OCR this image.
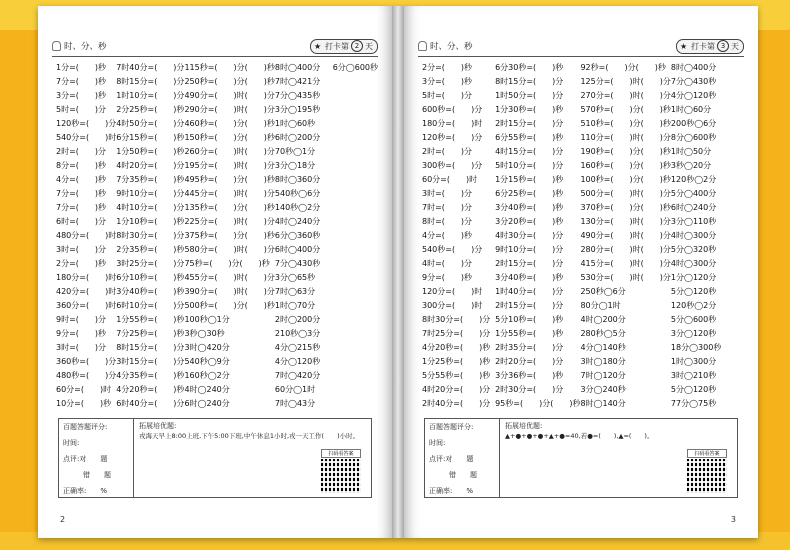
时、分、秒	★ 打卡第 2 天
1分=(　　)秒
7分=(　　)秒
3分=(　　)秒
5时=(　　)分
120秒=(　　)分
540分=(　　)时
2时=(　　)分
8分=(　　)秒
4分=(　　)秒
7分=(　　)秒
7分=(　　)秒
6时=(　　)分
480分=(　　)时
3时=(　　)分
2分=(　　)秒
180分=(　　)时
420分=(　　)时
360分=(　　)时
9时=(　　)分
9分=(　　)秒
3时=(　　)分
360秒=(　　)分
480秒=(　　)分
60分=(　　)时
10分=(　　)秒
7时40分=(　　)分
8时15分=(　　)分
1时10分=(　　)分
2分25秒=(　　)秒
4时50分=(　　)分
6分15秒=(　　)秒
1分50秒=(　　)秒
4时20分=(　　)分
7分35秒=(　　)秒
9时10分=(　　)分
4时10分=(　　)分
1分10秒=(　　)秒
8时30分=(　　)分
2分35秒=(　　)秒
3时25分=(　　)分
6分10秒=(　　)秒
3分40秒=(　　)秒
6时10分=(　　)分
1分55秒=(　　)秒
7分25秒=(　　)秒
8时15分=(　　)分
3时15分=(　　)分
4分35秒=(　　)秒
4分20秒=(　　)秒
6时40分=(　　)分
115秒=(　　)分(　　)秒
250秒=(　　)分(　　)秒
490分=(　　)时(　　)分
290分=(　　)时(　　)分
460秒=(　　)分(　　)秒
150秒=(　　)分(　　)秒
260分=(　　)时(　　)分
195分=(　　)时(　　)分
495秒=(　　)分(　　)秒
445分=(　　)时(　　)分
135秒=(　　)分(　　)秒
225分=(　　)时(　　)分
375秒=(　　)分(　　)秒
580分=(　　)时(　　)分
75秒=(　　)分(　　)秒
455分=(　　)时(　　)分
390分=(　　)时(　　)分
500秒=(　　)分(　　)秒
100秒◯1分
3秒◯30秒
3时◯420分
540秒◯9分
160秒◯2分
4时◯240分
6时◯240分
8时◯400分
7时◯421分
7分◯435秒
3分◯195秒
1时◯60秒
6时◯200分
70秒◯1分
3分◯18分
8时◯360分
540秒◯6分
140秒◯2分
4时◯240分
6分◯360秒
6时◯400分
7分◯430秒
3分◯65秒
7时◯63分
1时◯70分
2时◯200分
210秒◯3分
4分◯215秒
4分◯120秒
7时◯420分
60分◯1时
7时◯43分
6分◯600秒
百题答题评分:
时间:
点评:对　　题
错　　题
正确率:　　%
拓展培优题:
戎海天早上8:00上班,下午5:00下班,中午休息1小时,戎一天工作(　　)小时。
扫码看答案
2
时、分、秒	★ 打卡第 3 天
2分=(　　)秒
3分=(　　)秒
5时=(　　)分
600秒=(　　)分
180分=(　　)时
120秒=(　　)分
2时=(　　)分
300秒=(　　)分
60分=(　　)时
3时=(　　)分
7时=(　　)分
8时=(　　)分
4分=(　　)秒
540秒=(　　)分
4时=(　　)分
9分=(　　)秒
120分=(　　)时
300分=(　　)时
8时30分=(　　)分
7时25分=(　　)分
4分20秒=(　　)秒
1分25秒=(　　)秒
5分55秒=(　　)秒
4时20分=(　　)分
2时40分=(　　)分
6分30秒=(　　)秒
8时15分=(　　)分
1时50分=(　　)分
1分30秒=(　　)秒
2时15分=(　　)分
6分55秒=(　　)秒
4时15分=(　　)分
5时10分=(　　)分
1分15秒=(　　)秒
6分25秒=(　　)秒
3分40秒=(　　)秒
3分20秒=(　　)秒
4时30分=(　　)分
9时10分=(　　)分
2时15分=(　　)分
3分40秒=(　　)秒
1时40分=(　　)分
2时15分=(　　)分
5分10秒=(　　)秒
1分55秒=(　　)秒
2时35分=(　　)分
2时20分=(　　)分
3分36秒=(　　)秒
2时30分=(　　)分
95秒=(　　)分(　　)秒
92秒=(　　)分(　　)秒
125分=(　　)时(　　)分
270分=(　　)时(　　)分
570秒=(　　)分(　　)秒
510秒=(　　)分(　　)秒
110分=(　　)时(　　)分
190秒=(　　)分(　　)秒
160秒=(　　)分(　　)秒
100秒=(　　)分(　　)秒
500分=(　　)时(　　)分
370秒=(　　)分(　　)秒
130分=(　　)时(　　)分
490分=(　　)时(　　)分
280分=(　　)时(　　)分
415分=(　　)时(　　)分
530分=(　　)时(　　)分
250秒◯6分
80分◯1时
4时◯200分
280秒◯5分
4分◯140秒
3时◯180分
7时◯120分
3分◯240秒
8时◯140分
8时◯400分
7分◯430秒
4分◯120秒
1时◯60分
200秒◯6分
8分◯600秒
1时◯50分
3秒◯20分
120秒◯2分
5分◯400分
6时◯240分
3分◯110秒
4时◯300分
5分◯320秒
4时◯300分
1分◯120分
5分◯120秒
120秒◯2分
5分◯600秒
3分◯120秒
18分◯300秒
1时◯300分
3时◯210秒
5分◯120秒
77分◯75秒
百题答题评分:
时间:
点评:对　　题
错　　题
正确率:　　%
拓展培优题:
▲+●+●+●+▲+●=40,若●=(　　),▲=(　　)。
扫码看答案
3
